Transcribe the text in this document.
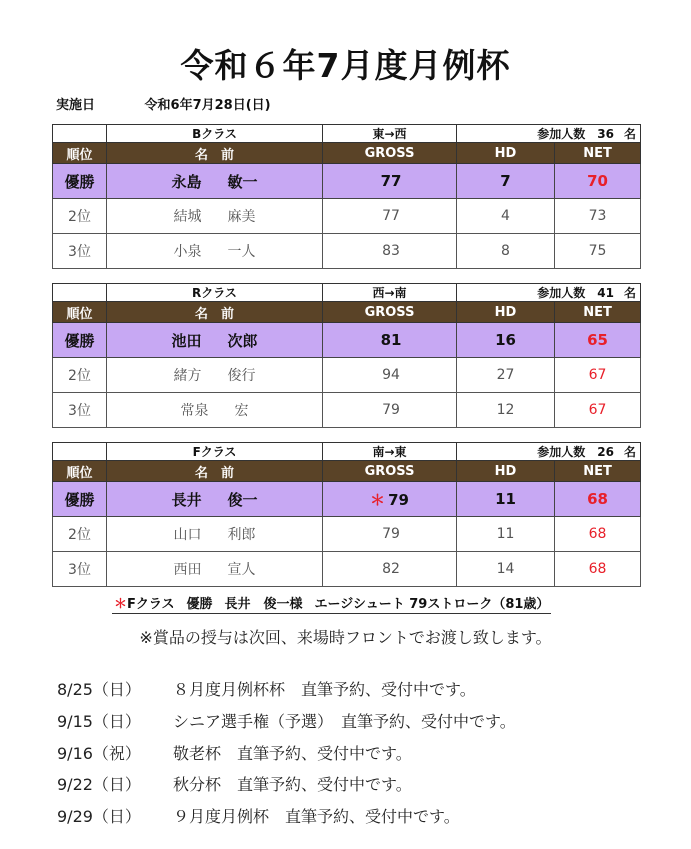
令和６年7月度月例杯
実施日	令和6年7月28日(日)
	Bクラス	東→西	参加人数 36 名	
順位	名　前	GROSS	HD	NET
優勝	永島 敏一	77	7	70
2位	結城 麻美	77	4	73
3位	小泉 一人	83	8	75
	Rクラス	西→南	参加人数 41 名	
順位	名　前	GROSS	HD	NET
優勝	池田 次郎	81	16	65
2位	緒方 俊行	94	27	67
3位	常泉 宏	79	12	67
	Fクラス	南→東	参加人数 26 名	
順位	名　前	GROSS	HD	NET
優勝	長井 俊一	＊ 79	11	68
2位	山口 利郎	79	11	68
3位	西田 宣人	82	14	68
＊Fクラス 優勝 長井　俊一様 エージシュート 79ストローク（81歳）
※賞品の授与は次回、来場時フロントでお渡し致します。
8/25（日） ８月度月例杯杯　直筆予約、受付中です。
9/15（日） シニア選手権（予選）　直筆予約、受付中です。
9/16（祝） 敬老杯　直筆予約、受付中です。
9/22（日） 秋分杯　直筆予約、受付中です。
9/29（日） ９月度月例杯　直筆予約、受付中です。
